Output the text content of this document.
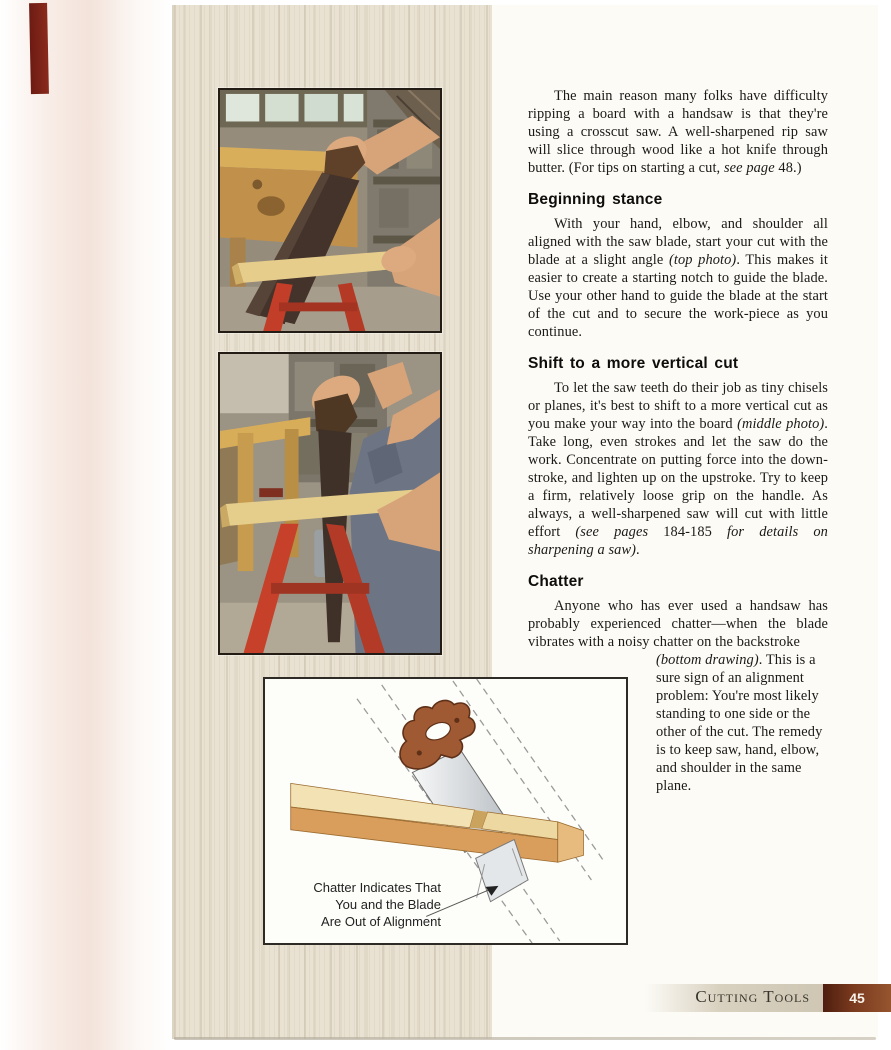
Chatter Indicates That
You and the Blade
Are Out of Alignment

The main reason many folks have difficulty ripping a board with a handsaw is that they're using a crosscut saw. A well-sharpened rip saw will slice through wood like a hot knife through butter. (For tips on starting a cut, see page 48.)

Beginning stance

With your hand, elbow, and shoulder all aligned with the saw blade, start your cut with the blade at a slight angle (top photo). This makes it easier to create a starting notch to guide the blade. Use your other hand to guide the blade at the start of the cut and to secure the work-piece as you continue.

Shift to a more vertical cut

To let the saw teeth do their job as tiny chisels or planes, it's best to shift to a more vertical cut as you make your way into the board (middle photo). Take long, even strokes and let the saw do the work. Concentrate on putting force into the down-stroke, and lighten up on the upstroke. Try to keep a firm, relatively loose grip on the handle. As always, a well-sharpened saw will cut with little effort (see pages 184-185 for details on sharpening a saw).

Chatter

Anyone who has ever used a handsaw has probably experienced chatter—when the blade vibrates with a noisy chatter on the backstroke

(bottom drawing). This is a sure sign of an alignment problem: You're most likely standing to one side or the other of the cut. The remedy is to keep saw, hand, elbow, and shoulder in the same plane.

Cutting Tools	45
